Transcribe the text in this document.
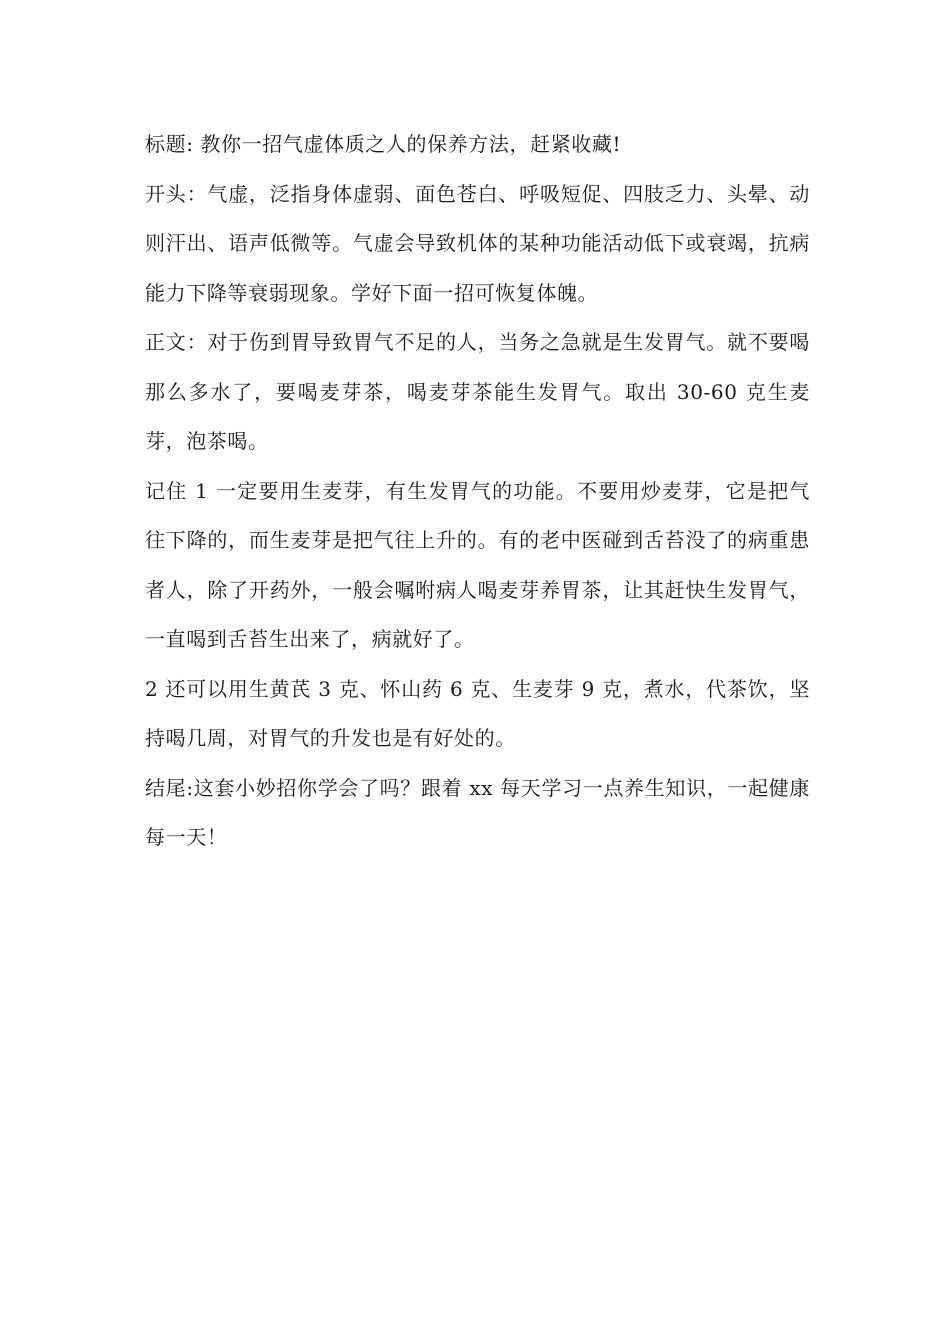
标题: 教你一招气虚体质之人的保养方法，赶紧收藏!

开头：气虚，泛指身体虚弱、面色苍白、呼吸短促、四肢乏力、头晕、动则汗出、语声低微等。气虚会导致机体的某种功能活动低下或衰竭，抗病能力下降等衰弱现象。学好下面一招可恢复体魄。

正文：对于伤到胃导致胃气不足的人，当务之急就是生发胃气。就不要喝那么多水了，要喝麦芽茶，喝麦芽茶能生发胃气。取出 30-60 克生麦芽，泡茶喝。

记住 1 一定要用生麦芽，有生发胃气的功能。不要用炒麦芽，它是把气往下降的，而生麦芽是把气往上升的。有的老中医碰到舌苔没了的病重患者人，除了开药外，一般会嘱咐病人喝麦芽养胃茶，让其赶快生发胃气，一直喝到舌苔生出来了，病就好了。

2 还可以用生黄芪 3 克、怀山药 6 克、生麦芽 9 克，煮水，代茶饮，坚持喝几周，对胃气的升发也是有好处的。

结尾:这套小妙招你学会了吗？跟着 xx 每天学习一点养生知识，一起健康每一天！
